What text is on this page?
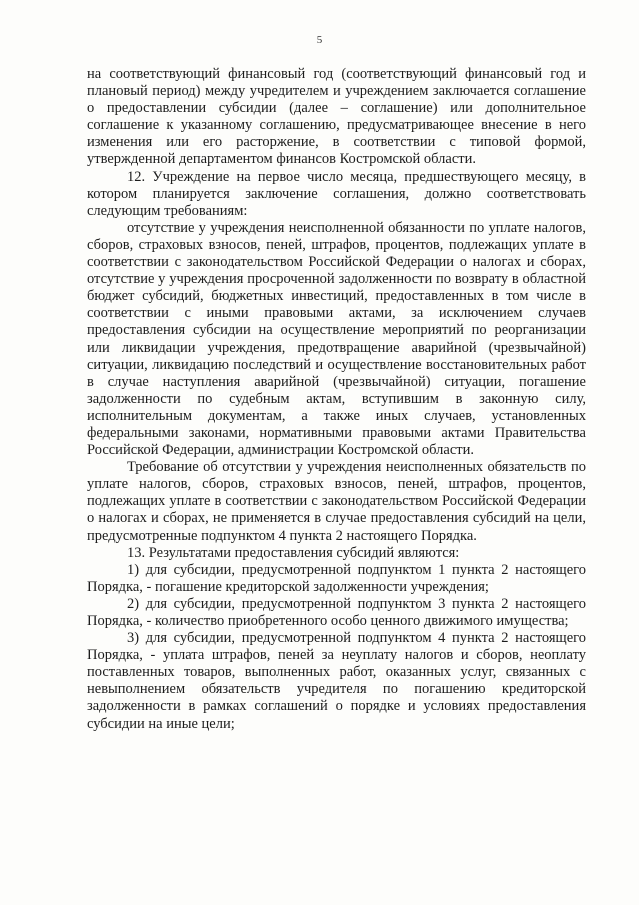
5

на соответствующий финансовый год (соответствующий финансовый год и плановый период) между учредителем и учреждением заключается соглашение о предоставлении субсидии (далее – соглашение) или дополнительное соглашение к указанному соглашению, предусматривающее внесение в него изменения или его расторжение, в соответствии с типовой формой, утвержденной департаментом финансов Костромской области.

12. Учреждение на первое число месяца, предшествующего месяцу, в котором планируется заключение соглашения, должно соответствовать следующим требованиям:

отсутствие у учреждения неисполненной обязанности по уплате налогов, сборов, страховых взносов, пеней, штрафов, процентов, подлежащих уплате в соответствии с законодательством Российской Федерации о налогах и сборах, отсутствие у учреждения просроченной задолженности по возврату в областной бюджет субсидий, бюджетных инвестиций, предоставленных в том числе в соответствии с иными правовыми актами, за исключением случаев предоставления субсидии на осуществление мероприятий по реорганизации или ликвидации учреждения, предотвращение аварийной (чрезвычайной) ситуации, ликвидацию последствий и осуществление восстановительных работ в случае наступления аварийной (чрезвычайной) ситуации, погашение задолженности по судебным актам, вступившим в законную силу, исполнительным документам, а также иных случаев, установленных федеральными законами, нормативными правовыми актами Правительства Российской Федерации, администрации Костромской области.

Требование об отсутствии у учреждения неисполненных обязательств по уплате налогов, сборов, страховых взносов, пеней, штрафов, процентов, подлежащих уплате в соответствии с законодательством Российской Федерации о налогах и сборах, не применяется в случае предоставления субсидий на цели, предусмотренные подпунктом 4 пункта 2 настоящего Порядка.

13. Результатами предоставления субсидий являются:

1) для субсидии, предусмотренной подпунктом 1 пункта 2 настоящего Порядка, - погашение кредиторской задолженности учреждения;

2) для субсидии, предусмотренной подпунктом 3 пункта 2 настоящего Порядка, - количество приобретенного особо ценного движимого имущества;

3) для субсидии, предусмотренной подпунктом 4 пункта 2 настоящего Порядка, - уплата штрафов, пеней за неуплату налогов и сборов, неоплату поставленных товаров, выполненных работ, оказанных услуг, связанных с невыполнением обязательств учредителя по погашению кредиторской задолженности в рамках соглашений о порядке и условиях предоставления субсидии на иные цели;
